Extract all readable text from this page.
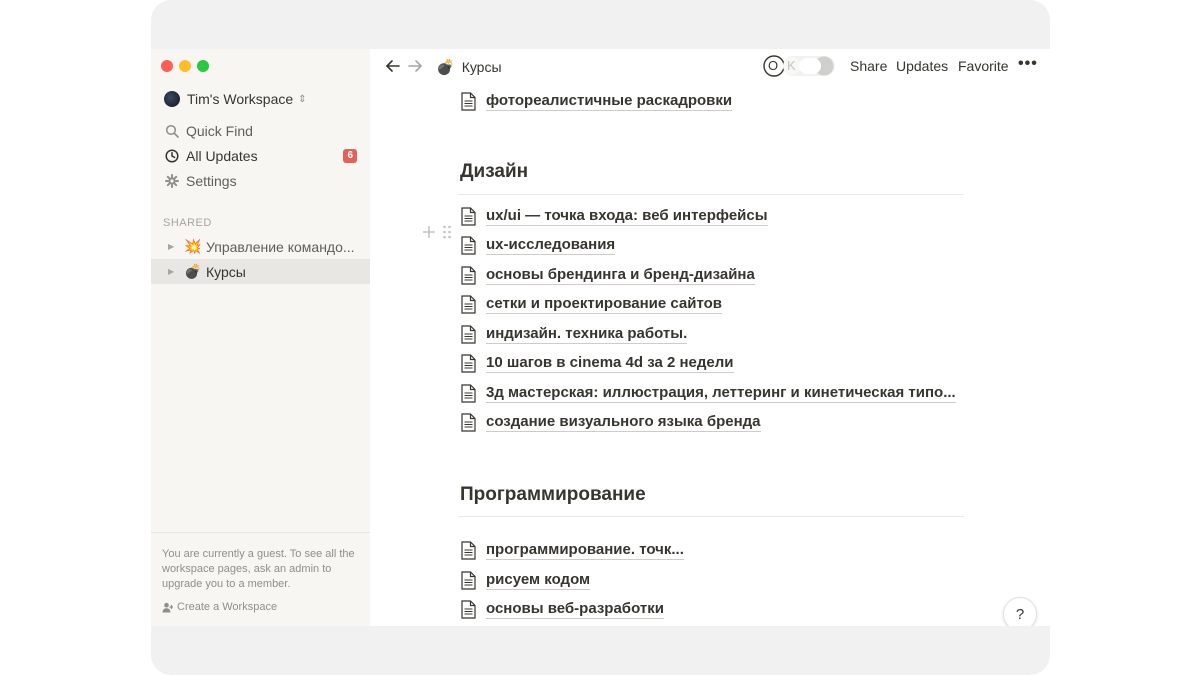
Tim's Workspace ⇕
Quick Find
All Updates	6
Settings
SHARED
▶ 💥 Управление командо...
▶ 💣 Курсы
You are currently a guest. To see all the workspace pages, ask an admin to upgrade you to a member.
Create a Workspace
💣 Курсы	O K	Share Updates Favorite •••
фотореалистичные раскадровки
Дизайн
ux/ui — точка входа: веб интерфейсы
ux-исследования
основы брендинга и бренд-дизайна
сетки и проектирование сайтов
индизайн. техника работы.
10 шагов в cinema 4d за 2 недели
3д мастерская: иллюстрация, леттеринг и кинетическая типо...
создание визуального языка бренда
Программирование
программирование. точк...
рисуем кодом
основы веб-разработки	?
